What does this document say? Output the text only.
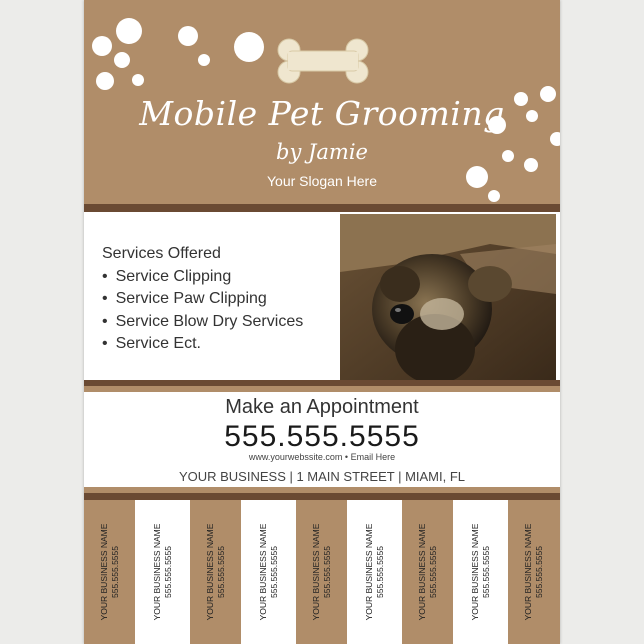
Mobile Pet Grooming
by Jamie
Your Slogan Here
Services Offered
• Service Clipping
• Service Paw Clipping
• Service Blow Dry Services
• Service Ect.
Make an Appointment
555.555.5555
www.yourwebssite.com • Email Here
YOUR BUSINESS | 1 MAIN STREET | MIAMI, FL
YOUR BUSINESS NAME 555.555.5555	YOUR BUSINESS NAME 555.555.5555	YOUR BUSINESS NAME 555.555.5555	YOUR BUSINESS NAME 555.555.5555	YOUR BUSINESS NAME 555.555.5555	YOUR BUSINESS NAME 555.555.5555	YOUR BUSINESS NAME 555.555.5555	YOUR BUSINESS NAME 555.555.5555	YOUR BUSINESS NAME 555.555.5555
